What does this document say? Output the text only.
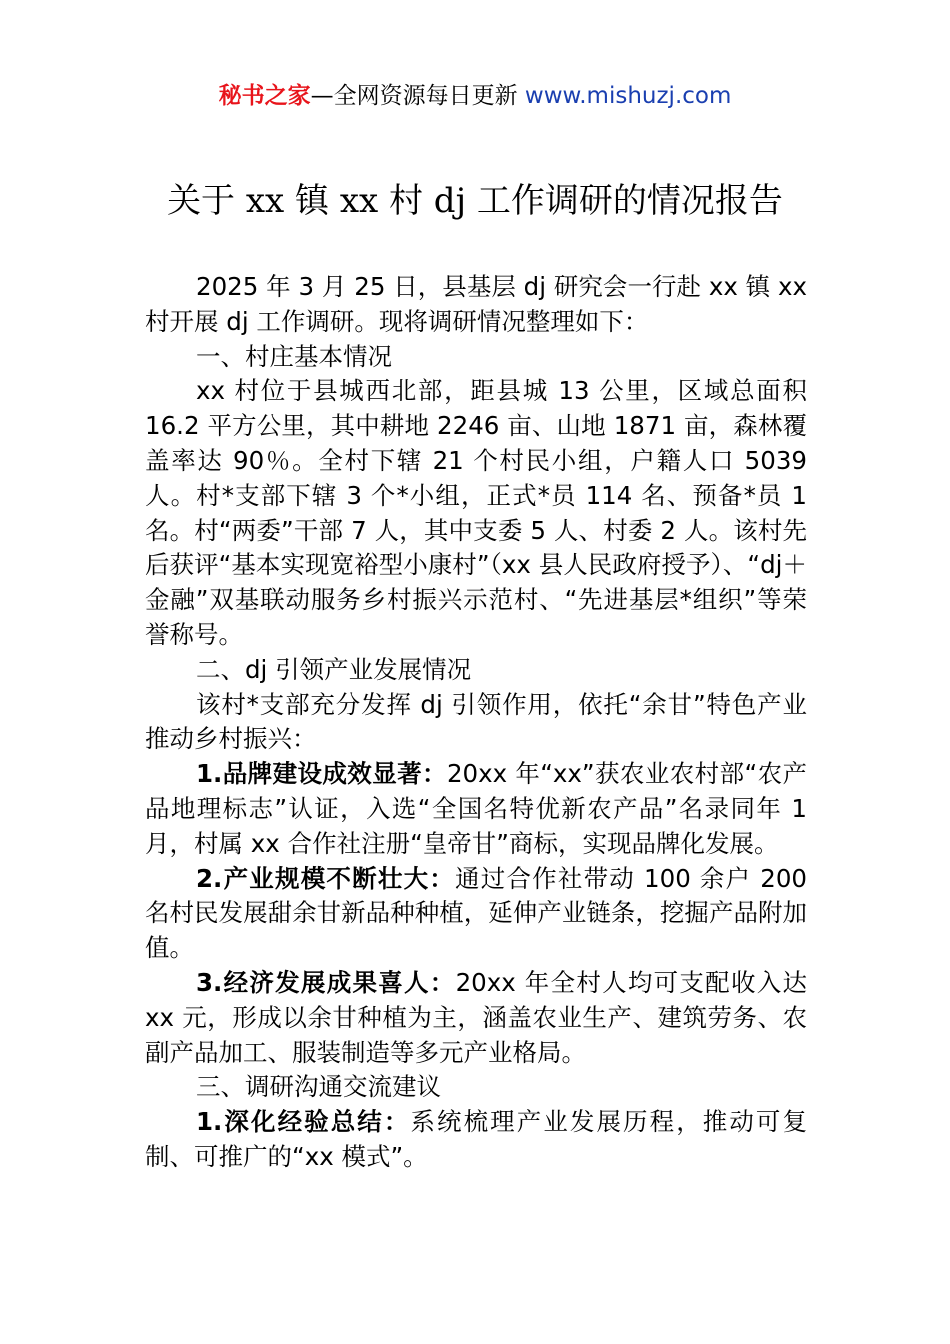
秘书之家—全网资源每日更新 www.mishuzj.com
关于 xx 镇 xx 村 dj 工作调研的情况报告

2025 年 3 月 25 日，县基层 dj 研究会一行赴 xx 镇 xx 村开展 dj 工作调研。现将调研情况整理如下：

一、村庄基本情况

xx 村位于县城西北部，距县城 13 公里，区域总面积 16.2 平方公里，其中耕地 2246 亩、山地 1871 亩，森林覆盖率达 90％。全村下辖 21 个村民小组，户籍人口 5039 人。村*支部下辖 3 个*小组，正式*员 114 名、预备*员 1 名。村“两委”干部 7 人，其中支委 5 人、村委 2 人。该村先后获评“基本实现宽裕型小康村”（xx 县人民政府授予）、“dj＋金融”双基联动服务乡村振兴示范村、“先进基层*组织”等荣誉称号。

二、dj 引领产业发展情况

该村*支部充分发挥 dj 引领作用，依托“余甘”特色产业推动乡村振兴：

1.品牌建设成效显著：20xx 年“xx”获农业农村部“农产品地理标志”认证，入选“全国名特优新农产品”名录同年 1 月，村属 xx 合作社注册“皇帝甘”商标，实现品牌化发展。

2.产业规模不断壮大：通过合作社带动 100 余户 200 名村民发展甜余甘新品种种植，延伸产业链条，挖掘产品附加值。

3.经济发展成果喜人：20xx 年全村人均可支配收入达 xx 元，形成以余甘种植为主，涵盖农业生产、建筑劳务、农副产品加工、服装制造等多元产业格局。

三、调研沟通交流建议

1.深化经验总结：系统梳理产业发展历程，推动可复制、可推广的“xx 模式”。
